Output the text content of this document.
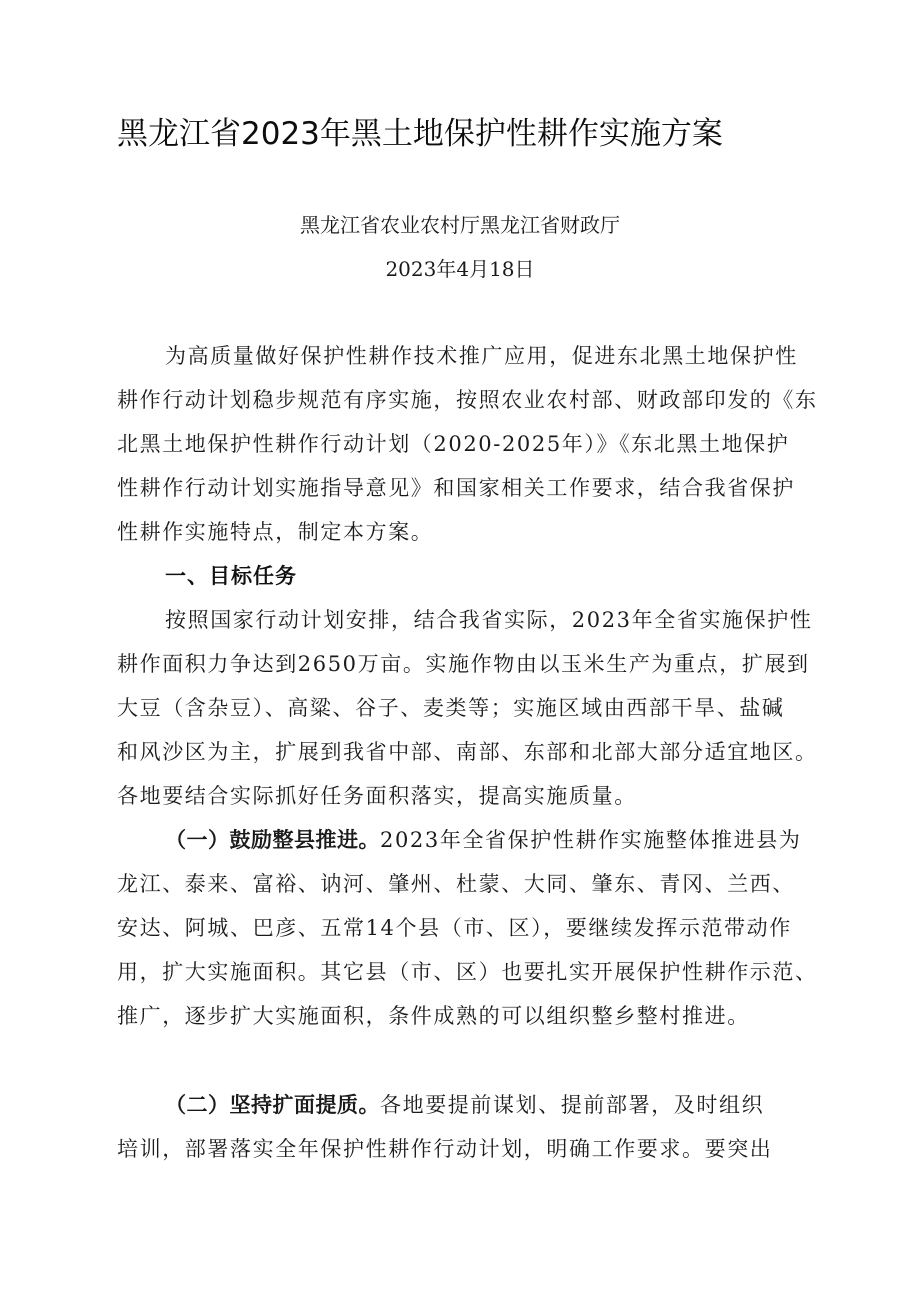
黑龙江省2023年黑土地保护性耕作实施方案
黑龙江省农业农村厅黑龙江省财政厅
2023年4月18日
为高质量做好保护性耕作技术推广应用，促进东北黑土地保护性
耕作行动计划稳步规范有序实施，按照农业农村部、财政部印发的《东
北黑土地保护性耕作行动计划（2020-2025年）》《东北黑土地保护
性耕作行动计划实施指导意见》和国家相关工作要求，结合我省保护
性耕作实施特点，制定本方案。
一、目标任务
按照国家行动计划安排，结合我省实际，2023年全省实施保护性
耕作面积力争达到2650万亩。实施作物由以玉米生产为重点，扩展到
大豆（含杂豆）、高粱、谷子、麦类等；实施区域由西部干旱、盐碱
和风沙区为主，扩展到我省中部、南部、东部和北部大部分适宜地区。
各地要结合实际抓好任务面积落实，提高实施质量。
（一）鼓励整县推进。2023年全省保护性耕作实施整体推进县为
龙江、泰来、富裕、讷河、肇州、杜蒙、大同、肇东、青冈、兰西、
安达、阿城、巴彦、五常14个县（市、区），要继续发挥示范带动作
用，扩大实施面积。其它县（市、区）也要扎实开展保护性耕作示范、
推广，逐步扩大实施面积，条件成熟的可以组织整乡整村推进。
（二）坚持扩面提质。各地要提前谋划、提前部署，及时组织
培训，部署落实全年保护性耕作行动计划，明确工作要求。要突出
